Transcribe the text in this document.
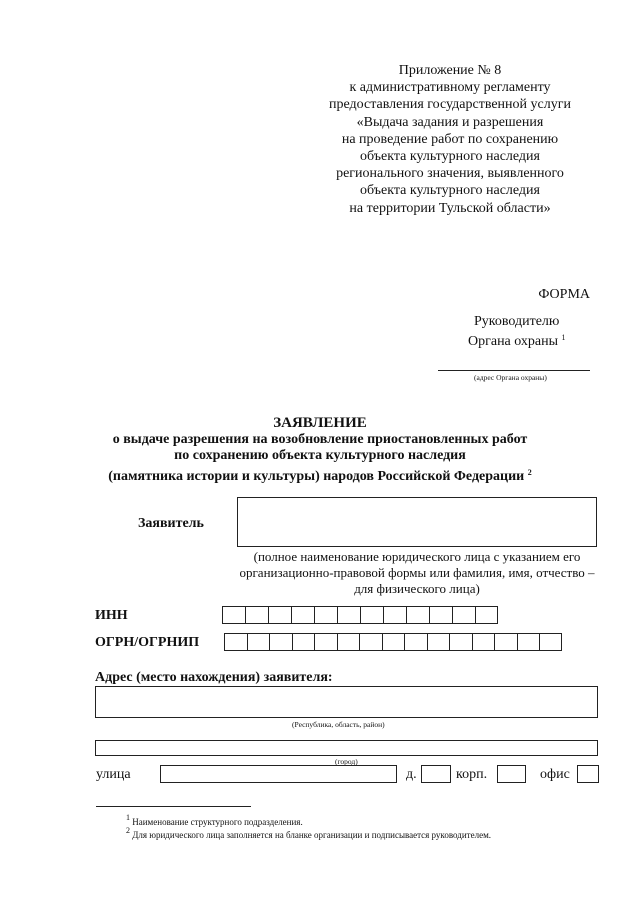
Приложение № 8
к административному регламенту
предоставления государственной услуги
«Выдача задания и разрешения
на проведение работ по сохранению
объекта культурного наследия
регионального значения, выявленного
объекта культурного наследия
на территории Тульской области»
ФОРМА
Руководителю
Органа охраны $^1$
(адрес Органа охраны)
ЗАЯВЛЕНИЕ
о выдаче разрешения на возобновление приостановленных работ
по сохранению объекта культурного наследия
(памятника истории и культуры) народов Российской Федерации $^2$
Заявитель
(полное наименование юридического лица с указанием его
организационно-правовой формы или фамилия, имя, отчество –
для физического лица)
ИНН
ОГРН/ОГРНИП
Адрес (место нахождения) заявителя:
(Республика, область, район)
(город)
улица	д.	корп.	офис
$^1$ Наименование структурного подразделения.
$^2$ Для юридического лица заполняется на бланке организации и подписывается руководителем.
